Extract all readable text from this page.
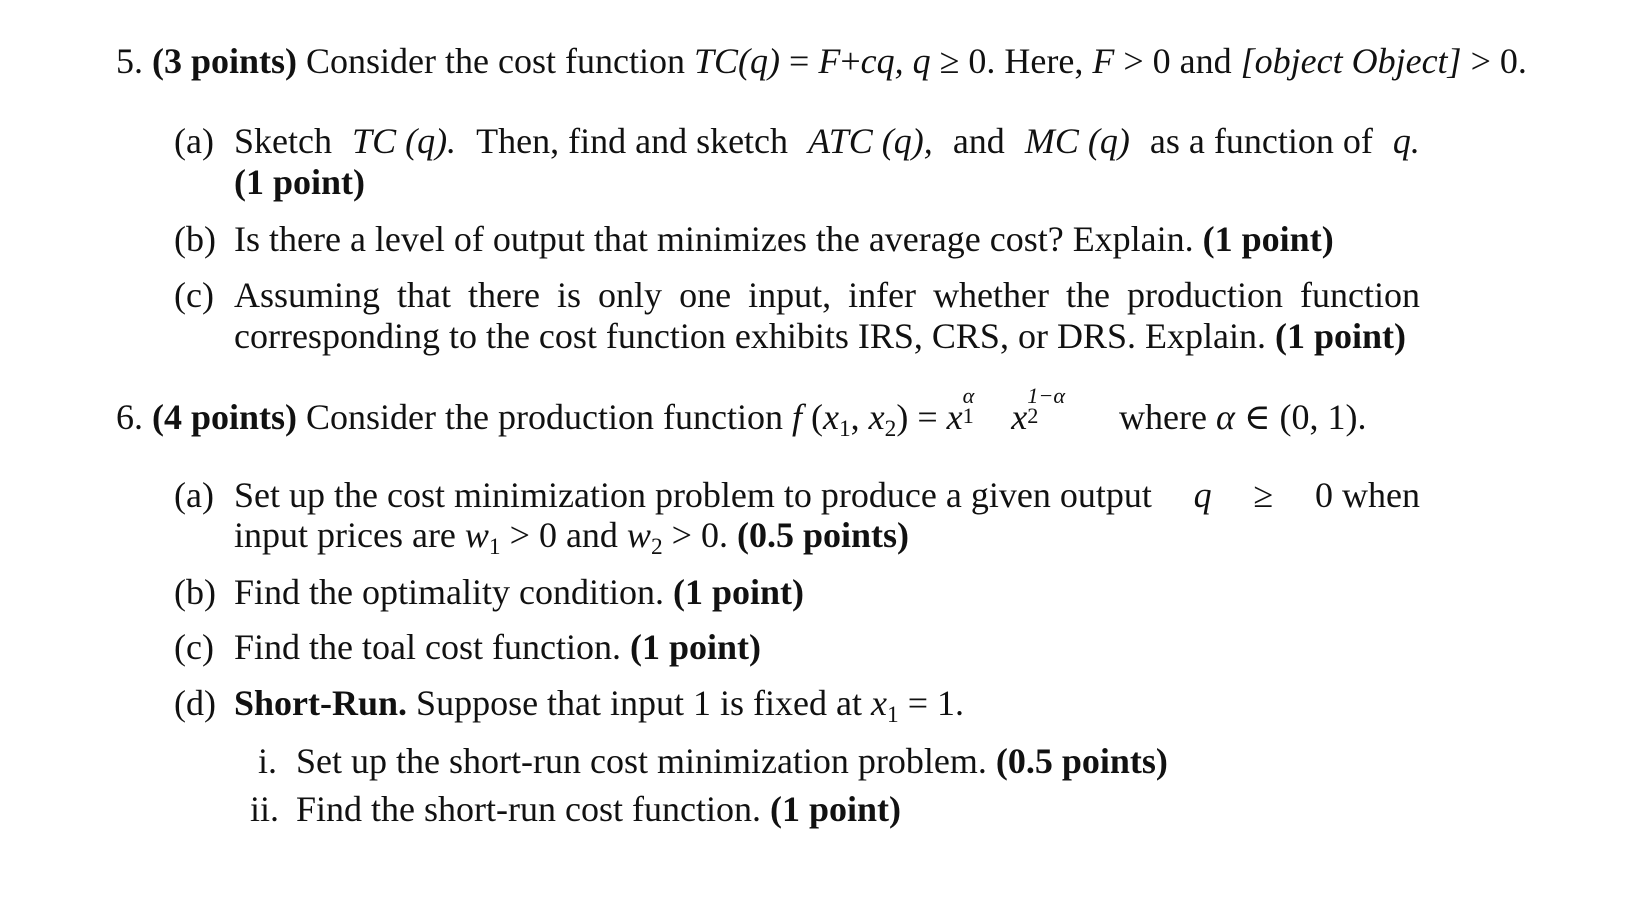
5. (3 points) Consider the cost function TC(q) = F+cq, q ≥ 0. Here, F > 0 and [object Object] > 0.
(a) Sketch TC (q). Then, find and sketch ATC (q), and MC (q) as a function of q.
(1 point)
(b) Is there a level of output that minimizes the average cost? Explain. (1 point)
(c) Assuming that there is only one input, infer whether the production function
corresponding to the cost function exhibits IRS, CRS, or DRS. Explain. (1 point)
6. (4 points) Consider the production function f ($x_1$, $x_2) = x$
α
1 x
1−α
2 where α ∈ (0, 1).
(a) Set up the cost minimization problem to produce a given output q ≥ 0 when
input prices are $w_1 > 0$ and $w_2 > 0$. (0.5 points)
(b) Find the optimality condition. (1 point)
(c) Find the toal cost function. (1 point)
(d) Short-Run. Suppose that input 1 is fixed at $x_1 = 1$.
i. Set up the short-run cost minimization problem. (0.5 points)
ii. Find the short-run cost function. (1 point)
